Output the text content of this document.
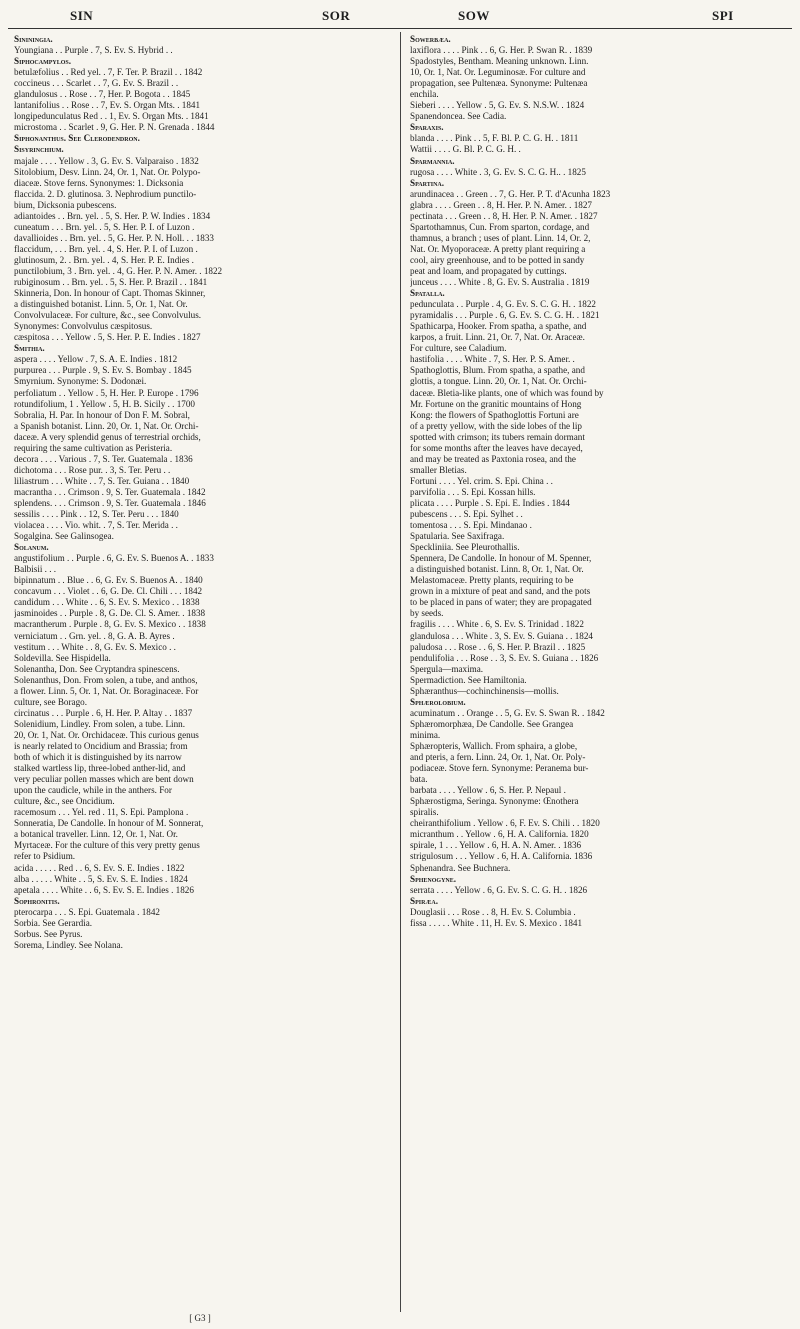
SIN	SOR	SOW	SPI
Sininingia.
Youngiana . . Purple . 7, S. Ev. S. Hybrid . .
Siphocampylos.
betulæfolius . . Red yel. . 7, F. Ter. P. Brazil . . 1842
coccineus . . . Scarlet . . 7, G. Ev. S. Brazil . .
glandulosus . . Rose . . 7, Her. P. Bogota . . 1845
lantanifolius . . Rose . . 7, Ev. S. Organ Mts. . 1841
longipedunculatus Red . . 1, Ev. S. Organ Mts. . 1841
microstoma . . Scarlet . 9, G. Her. P. N. Grenada . 1844
Siphonanthus. See Clerodendron.
Sisyrinchium.
majale . . . . Yellow . 3, G. Ev. S. Valparaiso . 1832
Sitolobium, Desv. Linn. 24, Or. 1, Nat. Or. Polypo-
diaceæ. Stove ferns. Synonymes: 1. Dicksonia
flaccida. 2. D. glutinosa. 3. Nephrodium punctilo-
bium, Dicksonia pubescens.
adiantoides . . Brn. yel. . 5, S. Her. P. W. Indies . 1834
cuneatum . . . Brn. yel. . 5, S. Her. P. I. of Luzon .
davallioides . . Brn. yel. . 5, G. Her. P. N. Holl. . . 1833
flaccidum, . . . Brn. yel. . 4, S. Her. P. I. of Luzon .
glutinosum, 2. . Brn. yel. . 4, S. Her. P. E. Indies .
punctilobium, 3 . Brn. yel. . 4, G. Her. P. N. Amer. . 1822
rubiginosum . . Brn. yel. . 5, S. Her. P. Brazil . . 1841
Skinneria, Don. In honour of Capt. Thomas Skinner,
a distinguished botanist. Linn. 5, Or. 1, Nat. Or.
Convolvulaceæ. For culture, &c., see Convolvulus.
Synonymes: Convolvulus cæspitosus.
cæspitosa . . . Yellow . 5, S. Her. P. E. Indies . 1827
Smithia.
aspera . . . . Yellow . 7, S. A. E. Indies . 1812
purpurea . . . Purple . 9, S. Ev. S. Bombay . 1845
Smyrnium. Synonyme: S. Dodonæi.
perfoliatum . . Yellow . 5, H. Her. P. Europe . 1796
rotundifolium, 1 . Yellow . 5, H. B. Sicily . . 1700
Sobralia, H. Par. In honour of Don F. M. Sobral,
a Spanish botanist. Linn. 20, Or. 1, Nat. Or. Orchi-
daceæ. A very splendid genus of terrestrial orchids,
requiring the same cultivation as Peristeria.
decora . . . . Various . 7, S. Ter. Guatemala . 1836
dichotoma . . . Rose pur. . 3, S. Ter. Peru . .
liliastrum . . . White . . 7, S. Ter. Guiana . . 1840
macrantha . . . Crimson . 9, S. Ter. Guatemala . 1842
splendens. . . . Crimson . 9, S. Ter. Guatemala . 1846
sessilis . . . . Pink . . 12, S. Ter. Peru . . . 1840
violacea . . . . Vio. whit. . 7, S. Ter. Merida . .
Sogalgina. See Galinsogea.
Solanum.
angustifolium . . Purple . 6, G. Ev. S. Buenos A. . 1833
Balbisii . . .
bipinnatum . . Blue . . 6, G. Ev. S. Buenos A. . 1840
concavum . . . Violet . . 6, G. De. Cl. Chili . . . 1842
candidum . . . White . . 6, S. Ev. S. Mexico . . 1838
jasminoides . . Purple . 8, G. De. Cl. S. Amer. . 1838
macrantherum . Purple . 8, G. Ev. S. Mexico . . 1838
verniciatum . . Grn. yel. . 8, G. A. B. Ayres .
vestitum . . . White . . 8, G. Ev. S. Mexico . .
Soldevilla. See Hispidella.
Solenantha, Don. See Cryptandra spinescens.
Solenanthus, Don. From solen, a tube, and anthos,
a flower. Linn. 5, Or. 1, Nat. Or. Boraginaceæ. For
culture, see Borago.
circinatus . . . Purple . 6, H. Her. P. Altay . . 1837
Solenidium, Lindley. From solen, a tube. Linn.
20, Or. 1, Nat. Or. Orchidaceæ. This curious genus
is nearly related to Oncidium and Brassia; from
both of which it is distinguished by its narrow
stalked wartless lip, three-lobed anther-lid, and
very peculiar pollen masses which are bent down
upon the caudicle, while in the anthers. For
culture, &c., see Oncidium.
racemosum . . . Yel. red . 11, S. Epi. Pamplona .
Sonneratia, De Candolle. In honour of M. Sonnerat,
a botanical traveller. Linn. 12, Or. 1, Nat. Or.
Myrtaceæ. For the culture of this very pretty genus
refer to Psidium.
acida . . . . . Red . . 6, S. Ev. S. E. Indies . 1822
alba . . . . . White . . 5, S. Ev. S. E. Indies . 1824
apetala . . . . White . . 6, S. Ev. S. E. Indies . 1826
Sophronitis.
pterocarpa . . . S. Epi. Guatemala . 1842
Sorbia. See Gerardia.
Sorbus. See Pyrus.
Sorema, Lindley. See Nolana.
Sowerbæa.
laxiflora . . . . Pink . . 6, G. Her. P. Swan R. . 1839
Spadostyles, Bentham. Meaning unknown. Linn.
10, Or. 1, Nat. Or. Leguminosæ. For culture and
propagation, see Pultenæa. Synonyme: Pultenæa
enchila.
Sieberi . . . . Yellow . 5, G. Ev. S. N.S.W. . 1824
Spanendoncea. See Cadia.
Sparaxis.
blanda . . . . Pink . . 5, F. Bl. P. C. G. H. . 1811
Wattii . . . . G. Bl. P. C. G. H. .
Sparmannia.
rugosa . . . . White . 3, G. Ev. S. C. G. H.. . 1825
Spartina.
arundinacea . . Green . . 7, G. Her. P. T. d'Acunha 1823
glabra . . . . Green . . 8, H. Her. P. N. Amer. . 1827
pectinata . . . Green . . 8, H. Her. P. N. Amer. . 1827
Spartothamnus, Cun. From sparton, cordage, and
thamnus, a branch ; uses of plant. Linn. 14, Or. 2,
Nat. Or. Myoporaceæ. A pretty plant requiring a
cool, airy greenhouse, and to be potted in sandy
peat and loam, and propagated by cuttings.
junceus . . . . White . 8, G. Ev. S. Australia . 1819
Spatalla.
pedunculata . . Purple . 4, G. Ev. S. C. G. H. . 1822
pyramidalis . . . Purple . 6, G. Ev. S. C. G. H. . 1821
Spathicarpa, Hooker. From spatha, a spathe, and
karpos, a fruit. Linn. 21, Or. 7, Nat. Or. Araceæ.
For culture, see Caladium.
hastifolia . . . . White . 7, S. Her. P. S. Amer. .
Spathoglottis, Blum. From spatha, a spathe, and
glottis, a tongue. Linn. 20, Or. 1, Nat. Or. Orchi-
daceæ. Bletia-like plants, one of which was found by
Mr. Fortune on the granitic mountains of Hong
Kong: the flowers of Spathoglottis Fortuni are
of a pretty yellow, with the side lobes of the lip
spotted with crimson; its tubers remain dormant
for some months after the leaves have decayed,
and may be treated as Paxtonia rosea, and the
smaller Bletias.
Fortuni . . . . Yel. crim. S. Epi. China . .
parvifolia . . . S. Epi. Kossan hills.
plicata . . . . Purple . S. Epi. E. Indies . 1844
pubescens . . . S. Epi. Sylhet . .
tomentosa . . . S. Epi. Mindanao .
Spatularia. See Saxifraga.
Speckliniia. See Pleurothallis.
Spennera, De Candolle. In honour of M. Spenner,
a distinguished botanist. Linn. 8, Or. 1, Nat. Or.
Melastomaceæ. Pretty plants, requiring to be
grown in a mixture of peat and sand, and the pots
to be placed in pans of water; they are propagated
by seeds.
fragilis . . . . White . 6, S. Ev. S. Trinidad . 1822
glandulosa . . . White . 3, S. Ev. S. Guiana . . 1824
paludosa . . . Rose . . 6, S. Her. P. Brazil . . 1825
pendulifolia . . . Rose . . 3, S. Ev. S. Guiana . . 1826
Spergula—maxima.
Spermadiction. See Hamiltonia.
Sphæranthus—cochinchinensis—mollis.
Sphærolobium.
acuminatum . . Orange . . 5, G. Ev. S. Swan R. . 1842
Sphæromorphæa, De Candolle. See Grangea
minima.
Sphæropteris, Wallich. From sphaira, a globe,
and pteris, a fern. Linn. 24, Or. 1, Nat. Or. Poly-
podiaceæ. Stove fern. Synonyme: Peranema bur-
bata.
barbata . . . . Yellow . 6, S. Her. P. Nepaul .
Sphærostigma, Seringa. Synonyme: Œnothera
spiralis.
cheiranthifolium . Yellow . 6, F. Ev. S. Chili . . 1820
micranthum . . Yellow . 6, H. A. California. 1820
spirale, 1 . . . Yellow . 6, H. A. N. Amer. . 1836
strigulosum . . . Yellow . 6, H. A. California. 1836
Sphenandra. See Buchnera.
Sphenogyne.
serrata . . . . Yellow . 6, G. Ev. S. C. G. H. . 1826
Spiræa.
Douglasii . . . Rose . . 8, H. Ev. S. Columbia .
fissa . . . . . White . 11, H. Ev. S. Mexico . 1841
[ G3 ]
